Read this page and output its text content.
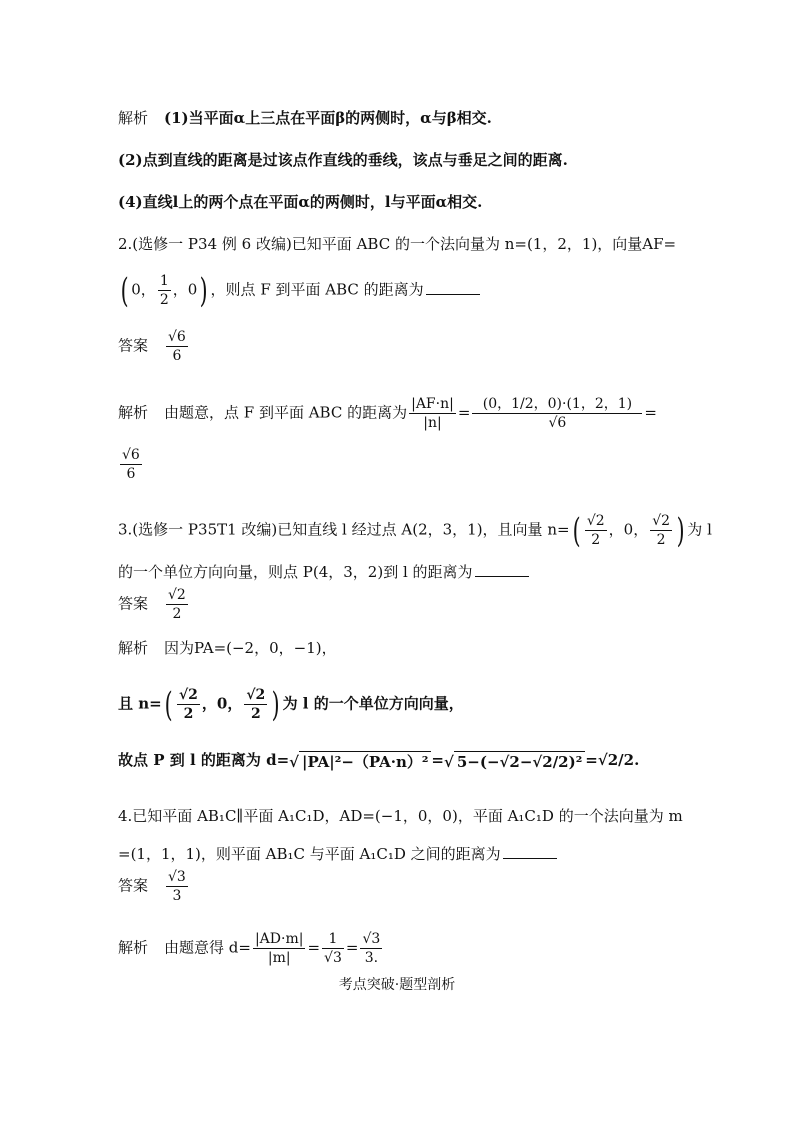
解析 (1)当平面α上三点在平面β的两侧时，α与β相交.
(2)点到直线的距离是过该点作直线的垂线，该点与垂足之间的距离.
(4)直线l上的两个点在平面α的两侧时，l与平面α相交.
2.(选修一 P34 例 6 改编)已知平面 ABC 的一个法向量为 n=(1，2，1)，向量AF=
( 0， $\frac{1}{2}$ ，0) ，则点 F 到平面 ABC 的距离为
答案 $\frac{√6}{6}$
解析 由题意，点 F 到平面 ABC 的距离为 $\frac{|AF\cdot n|}{|n|} = \frac{(0,1/2,0)\cdot(1,2,1)}{√6}$ =
$\frac{√6}{6}$
3.(选修一 P35T1 改编)已知直线 l 经过点 A(2，3，1)，且向量 $n=( \frac{√2}{2}$ ，0， $\frac{√2}{2}$ ) 为 l
的一个单位方向向量，则点 P(4，3，2)到 l 的距离为
答案 $\frac{√2}{2}$
解析 因为PA=(−2，0，−1)，
且 $n=( \frac{√2}{2}$ ，0， $\frac{√2}{2}$ ) 为 l 的一个单位方向向量，
故点 P 到 l 的距离为 d=√ |PA|²−（PA·n）² =√ 5−(−√2−√2/2)² =√2/2.
4.已知平面 AB₁C∥平面 A₁C₁D，AD=(−1，0，0)，平面 A₁C₁D 的一个法向量为 m
=(1，1，1)，则平面 AB₁C 与平面 A₁C₁D 之间的距离为
答案 $\frac{√3}{3}$
解析 由题意得 $d= \frac{|AD\cdot m|}{|m|} = \frac{1}{√3} = \frac{√3}{3.}$
考点突破·题型剖析
